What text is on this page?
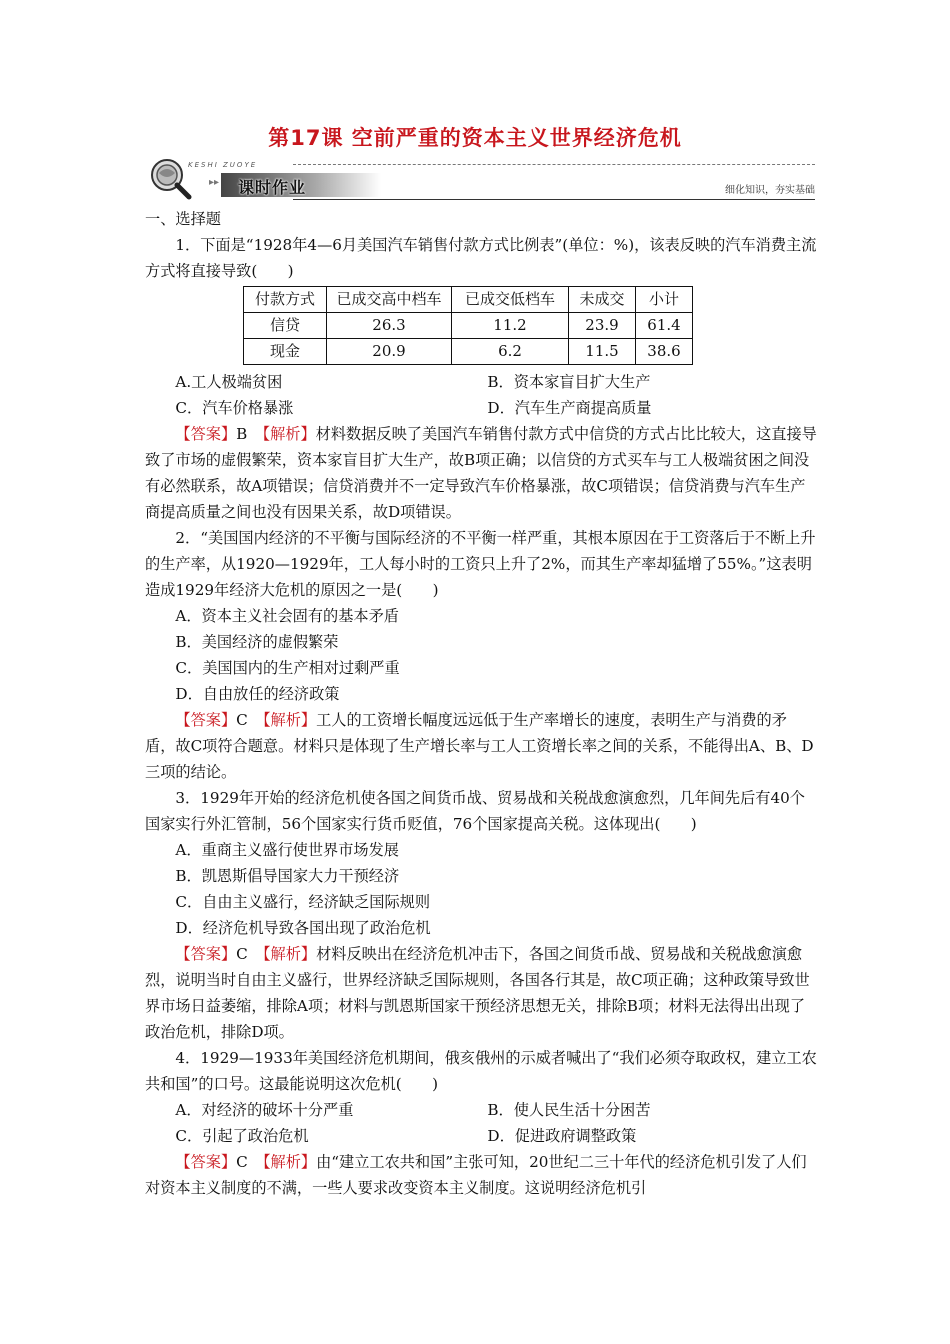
第17课 空前严重的资本主义世界经济危机
KESHI ZUOYE
▸▸ 课时作业	细化知识，夯实基础

一、选择题

1．下面是“1928年4—6月美国汽车销售付款方式比例表”(单位：%)，该表反映的汽车消费主流方式将直接导致(　　)

付款方式	已成交高中档车	已成交低档车	未成交	小计
信贷	26.3	11.2	23.9	61.4
现金	20.9	6.2	11.5	38.6
A.工人极端贫困	B．资本家盲目扩大生产
C．汽车价格暴涨	D．汽车生产商提高质量

【答案】B　 【解析】材料数据反映了美国汽车销售付款方式中信贷的方式占比比较大，这直接导致了市场的虚假繁荣，资本家盲目扩大生产，故B项正确；以信贷的方式买车与工人极端贫困之间没有必然联系，故A项错误；信贷消费并不一定导致汽车价格暴涨，故C项错误；信贷消费与汽车生产商提高质量之间也没有因果关系，故D项错误。

2．“美国国内经济的不平衡与国际经济的不平衡一样严重，其根本原因在于工资落后于不断上升的生产率，从1920—1929年，工人每小时的工资只上升了2%，而其生产率却猛增了55%。”这表明造成1929年经济大危机的原因之一是(　　)

A．资本主义社会固有的基本矛盾

B．美国经济的虚假繁荣

C．美国国内的生产相对过剩严重

D．自由放任的经济政策

【答案】C　 【解析】工人的工资增长幅度远远低于生产率增长的速度，表明生产与消费的矛盾，故C项符合题意。材料只是体现了生产增长率与工人工资增长率之间的关系，不能得出A、B、D三项的结论。

3．1929年开始的经济危机使各国之间货币战、贸易战和关税战愈演愈烈，几年间先后有40个国家实行外汇管制，56个国家实行货币贬值，76个国家提高关税。这体现出(　　)

A．重商主义盛行使世界市场发展

B．凯恩斯倡导国家大力干预经济

C．自由主义盛行，经济缺乏国际规则

D．经济危机导致各国出现了政治危机

【答案】C　 【解析】材料反映出在经济危机冲击下，各国之间货币战、贸易战和关税战愈演愈烈，说明当时自由主义盛行，世界经济缺乏国际规则，各国各行其是，故C项正确；这种政策导致世界市场日益萎缩，排除A项；材料与凯恩斯国家干预经济思想无关，排除B项；材料无法得出出现了政治危机，排除D项。

4．1929—1933年美国经济危机期间，俄亥俄州的示威者喊出了“我们必须夺取政权，建立工农共和国”的口号。这最能说明这次危机(　　)

A．对经济的破坏十分严重	B．使人民生活十分困苦
C．引起了政治危机	D．促进政府调整政策

【答案】C　 【解析】由“建立工农共和国”主张可知，20世纪二三十年代的经济危机引发了人们对资本主义制度的不满，一些人要求改变资本主义制度。这说明经济危机引
